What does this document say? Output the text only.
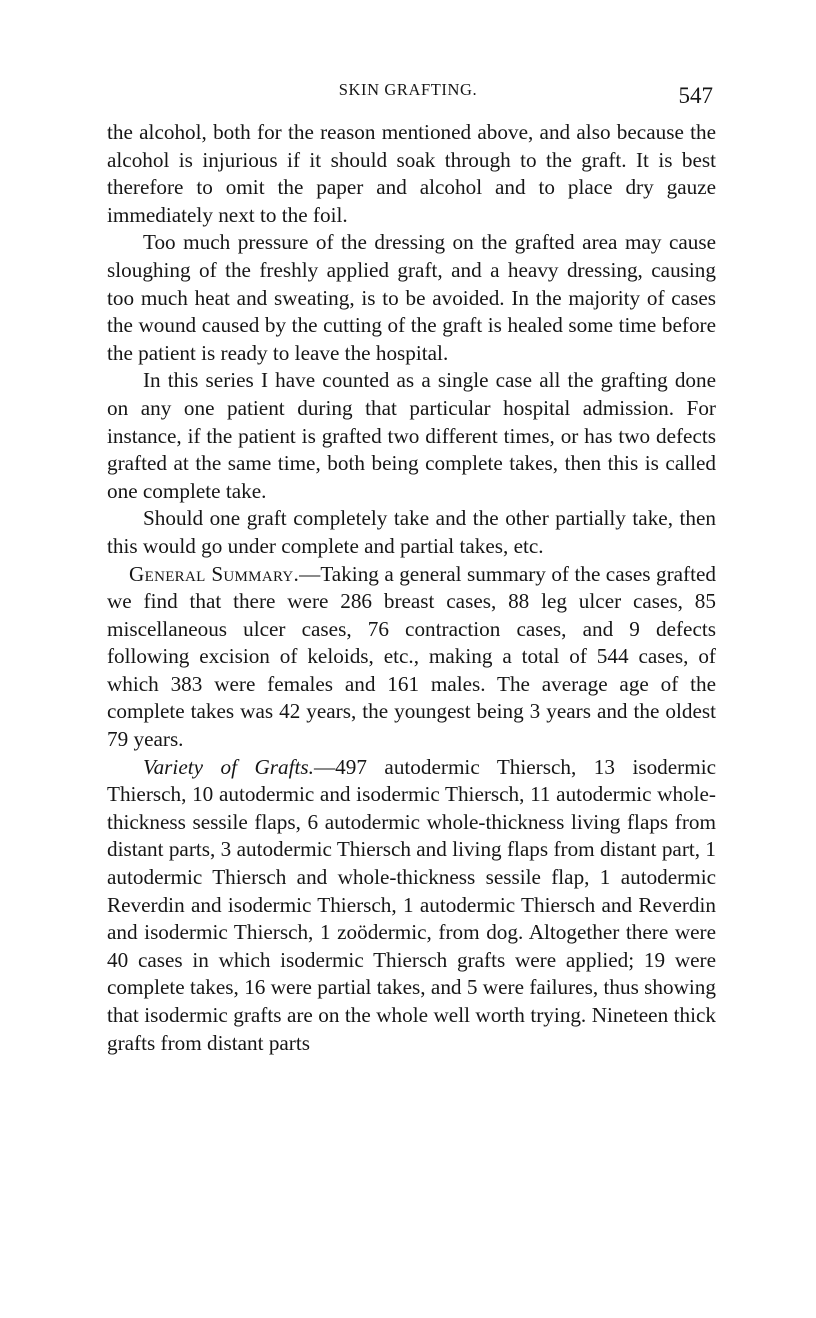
SKIN GRAFTING.	547

the alcohol, both for the reason mentioned above, and also because the alcohol is injurious if it should soak through to the graft. It is best therefore to omit the paper and alcohol and to place dry gauze immediately next to the foil.

Too much pressure of the dressing on the grafted area may cause sloughing of the freshly applied graft, and a heavy dressing, causing too much heat and sweating, is to be avoided. In the majority of cases the wound caused by the cutting of the graft is healed some time before the patient is ready to leave the hospital.

In this series I have counted as a single case all the grafting done on any one patient during that particular hospital admission. For instance, if the patient is grafted two different times, or has two defects grafted at the same time, both being complete takes, then this is called one complete take.

Should one graft completely take and the other partially take, then this would go under complete and partial takes, etc.

General Summary.—Taking a general summary of the cases grafted we find that there were 286 breast cases, 88 leg ulcer cases, 85 miscellaneous ulcer cases, 76 contraction cases, and 9 defects following excision of keloids, etc., making a total of 544 cases, of which 383 were females and 161 males. The average age of the complete takes was 42 years, the youngest being 3 years and the oldest 79 years.

Variety of Grafts.—497 autodermic Thiersch, 13 isodermic Thiersch, 10 autodermic and isodermic Thiersch, 11 autodermic whole-thickness sessile flaps, 6 autodermic whole-thickness living flaps from distant parts, 3 autodermic Thiersch and living flaps from distant part, 1 autodermic Thiersch and whole-thickness sessile flap, 1 autodermic Reverdin and isodermic Thiersch, 1 autodermic Thiersch and Reverdin and isodermic Thiersch, 1 zoödermic, from dog. Altogether there were 40 cases in which isodermic Thiersch grafts were applied; 19 were complete takes, 16 were partial takes, and 5 were failures, thus showing that isodermic grafts are on the whole well worth trying. Nineteen thick grafts from distant parts
